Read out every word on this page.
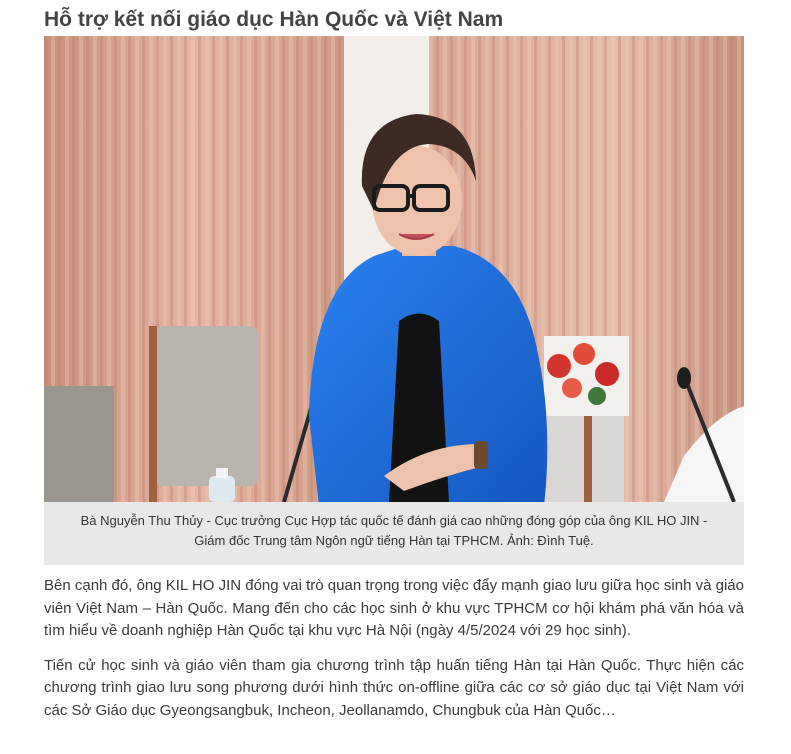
Hỗ trợ kết nối giáo dục Hàn Quốc và Việt Nam
Bà Nguyễn Thu Thủy - Cục trưởng Cục Hợp tác quốc tế đánh giá cao những đóng góp của ông KIL HO JIN -
Giám đốc Trung tâm Ngôn ngữ tiếng Hàn tại TPHCM. Ảnh: Đình Tuệ.

Bên cạnh đó, ông KIL HO JIN đóng vai trò quan trọng trong việc đẩy mạnh giao lưu giữa học sinh và giáo viên Việt Nam – Hàn Quốc. Mang đến cho các học sinh ở khu vực TPHCM cơ hội khám phá văn hóa và tìm hiểu về doanh nghiệp Hàn Quốc tại khu vực Hà Nội (ngày 4/5/2024 với 29 học sinh).

Tiến cử học sinh và giáo viên tham gia chương trình tập huấn tiếng Hàn tại Hàn Quốc. Thực hiện các chương trình giao lưu song phương dưới hình thức on-offline giữa các cơ sở giáo dục tại Việt Nam với các Sở Giáo dục Gyeongsangbuk, Incheon, Jeollanamdo, Chungbuk của Hàn Quốc…
